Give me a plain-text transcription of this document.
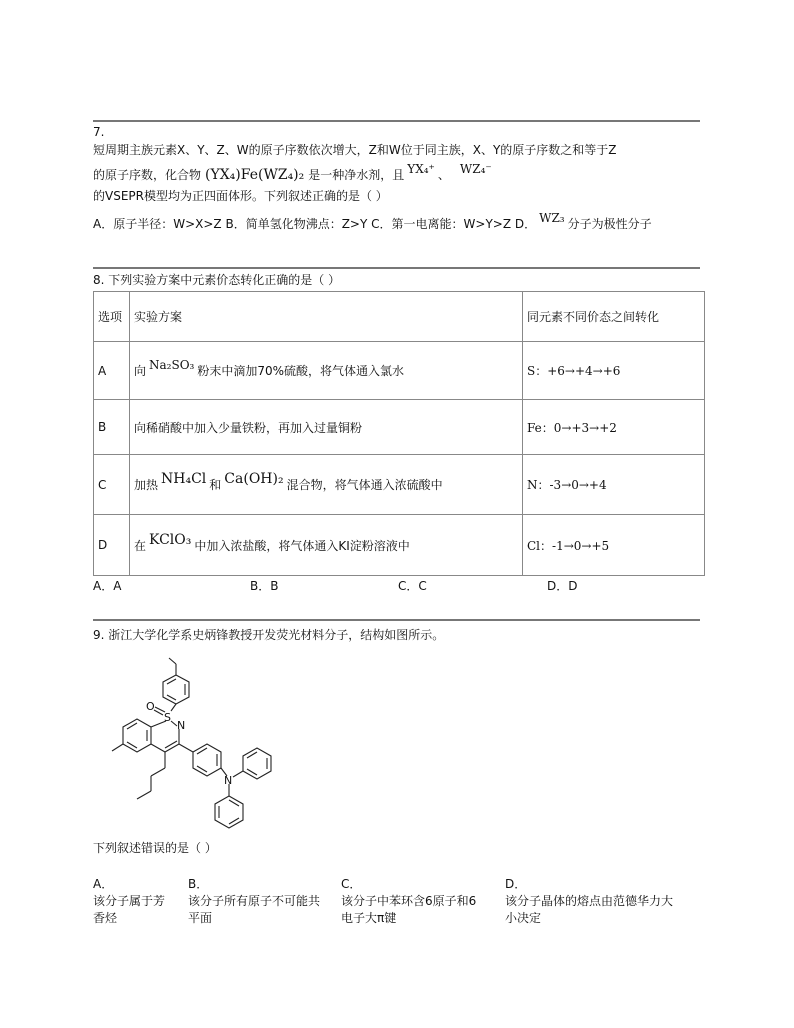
7.
短周期主族元素X、Y、Z、W的原子序数依次增大，Z和W位于同主族，X、Y的原子序数之和等于Z
的原子序数，化合物 (YX₄)Fe(WZ₄)₂ 是一种净水剂，且 YX₄⁺ 、 WZ₄⁻
的VSEPR模型均为正四面体形。下列叙述正确的是（ ）
A．原子半径：W>X>Z B．简单氢化物沸点：Z>Y C．第一电离能：W>Y>Z D． WZ₃ 分子为极性分子
8. 下列实验方案中元素价态转化正确的是（ ）
选项	实验方案	同元素不同价态之间转化
A	向 Na₂SO₃ 粉末中滴加70%硫酸，将气体通入氯水	S：+6→+4→+6
B	向稀硝酸中加入少量铁粉，再加入过量铜粉	Fe：0→+3→+2
C	加热 NH₄Cl 和 Ca(OH)₂ 混合物，将气体通入浓硫酸中	N：-3→0→+4
D	在 KClO₃ 中加入浓盐酸，将气体通入KI淀粉溶液中	Cl：-1→0→+5
A．A	B．B	C．C	D．D
9. 浙江大学化学系史炳锋教授开发荧光材料分子，结构如图所示。
O
S
N
N
下列叙述错误的是（ ）
A．
该分子属于芳
香烃
B．
该分子所有原子不可能共
平面
C．
该分子中苯环含6原子和6
电子大π键
D．
该分子晶体的熔点由范德华力大
小决定
